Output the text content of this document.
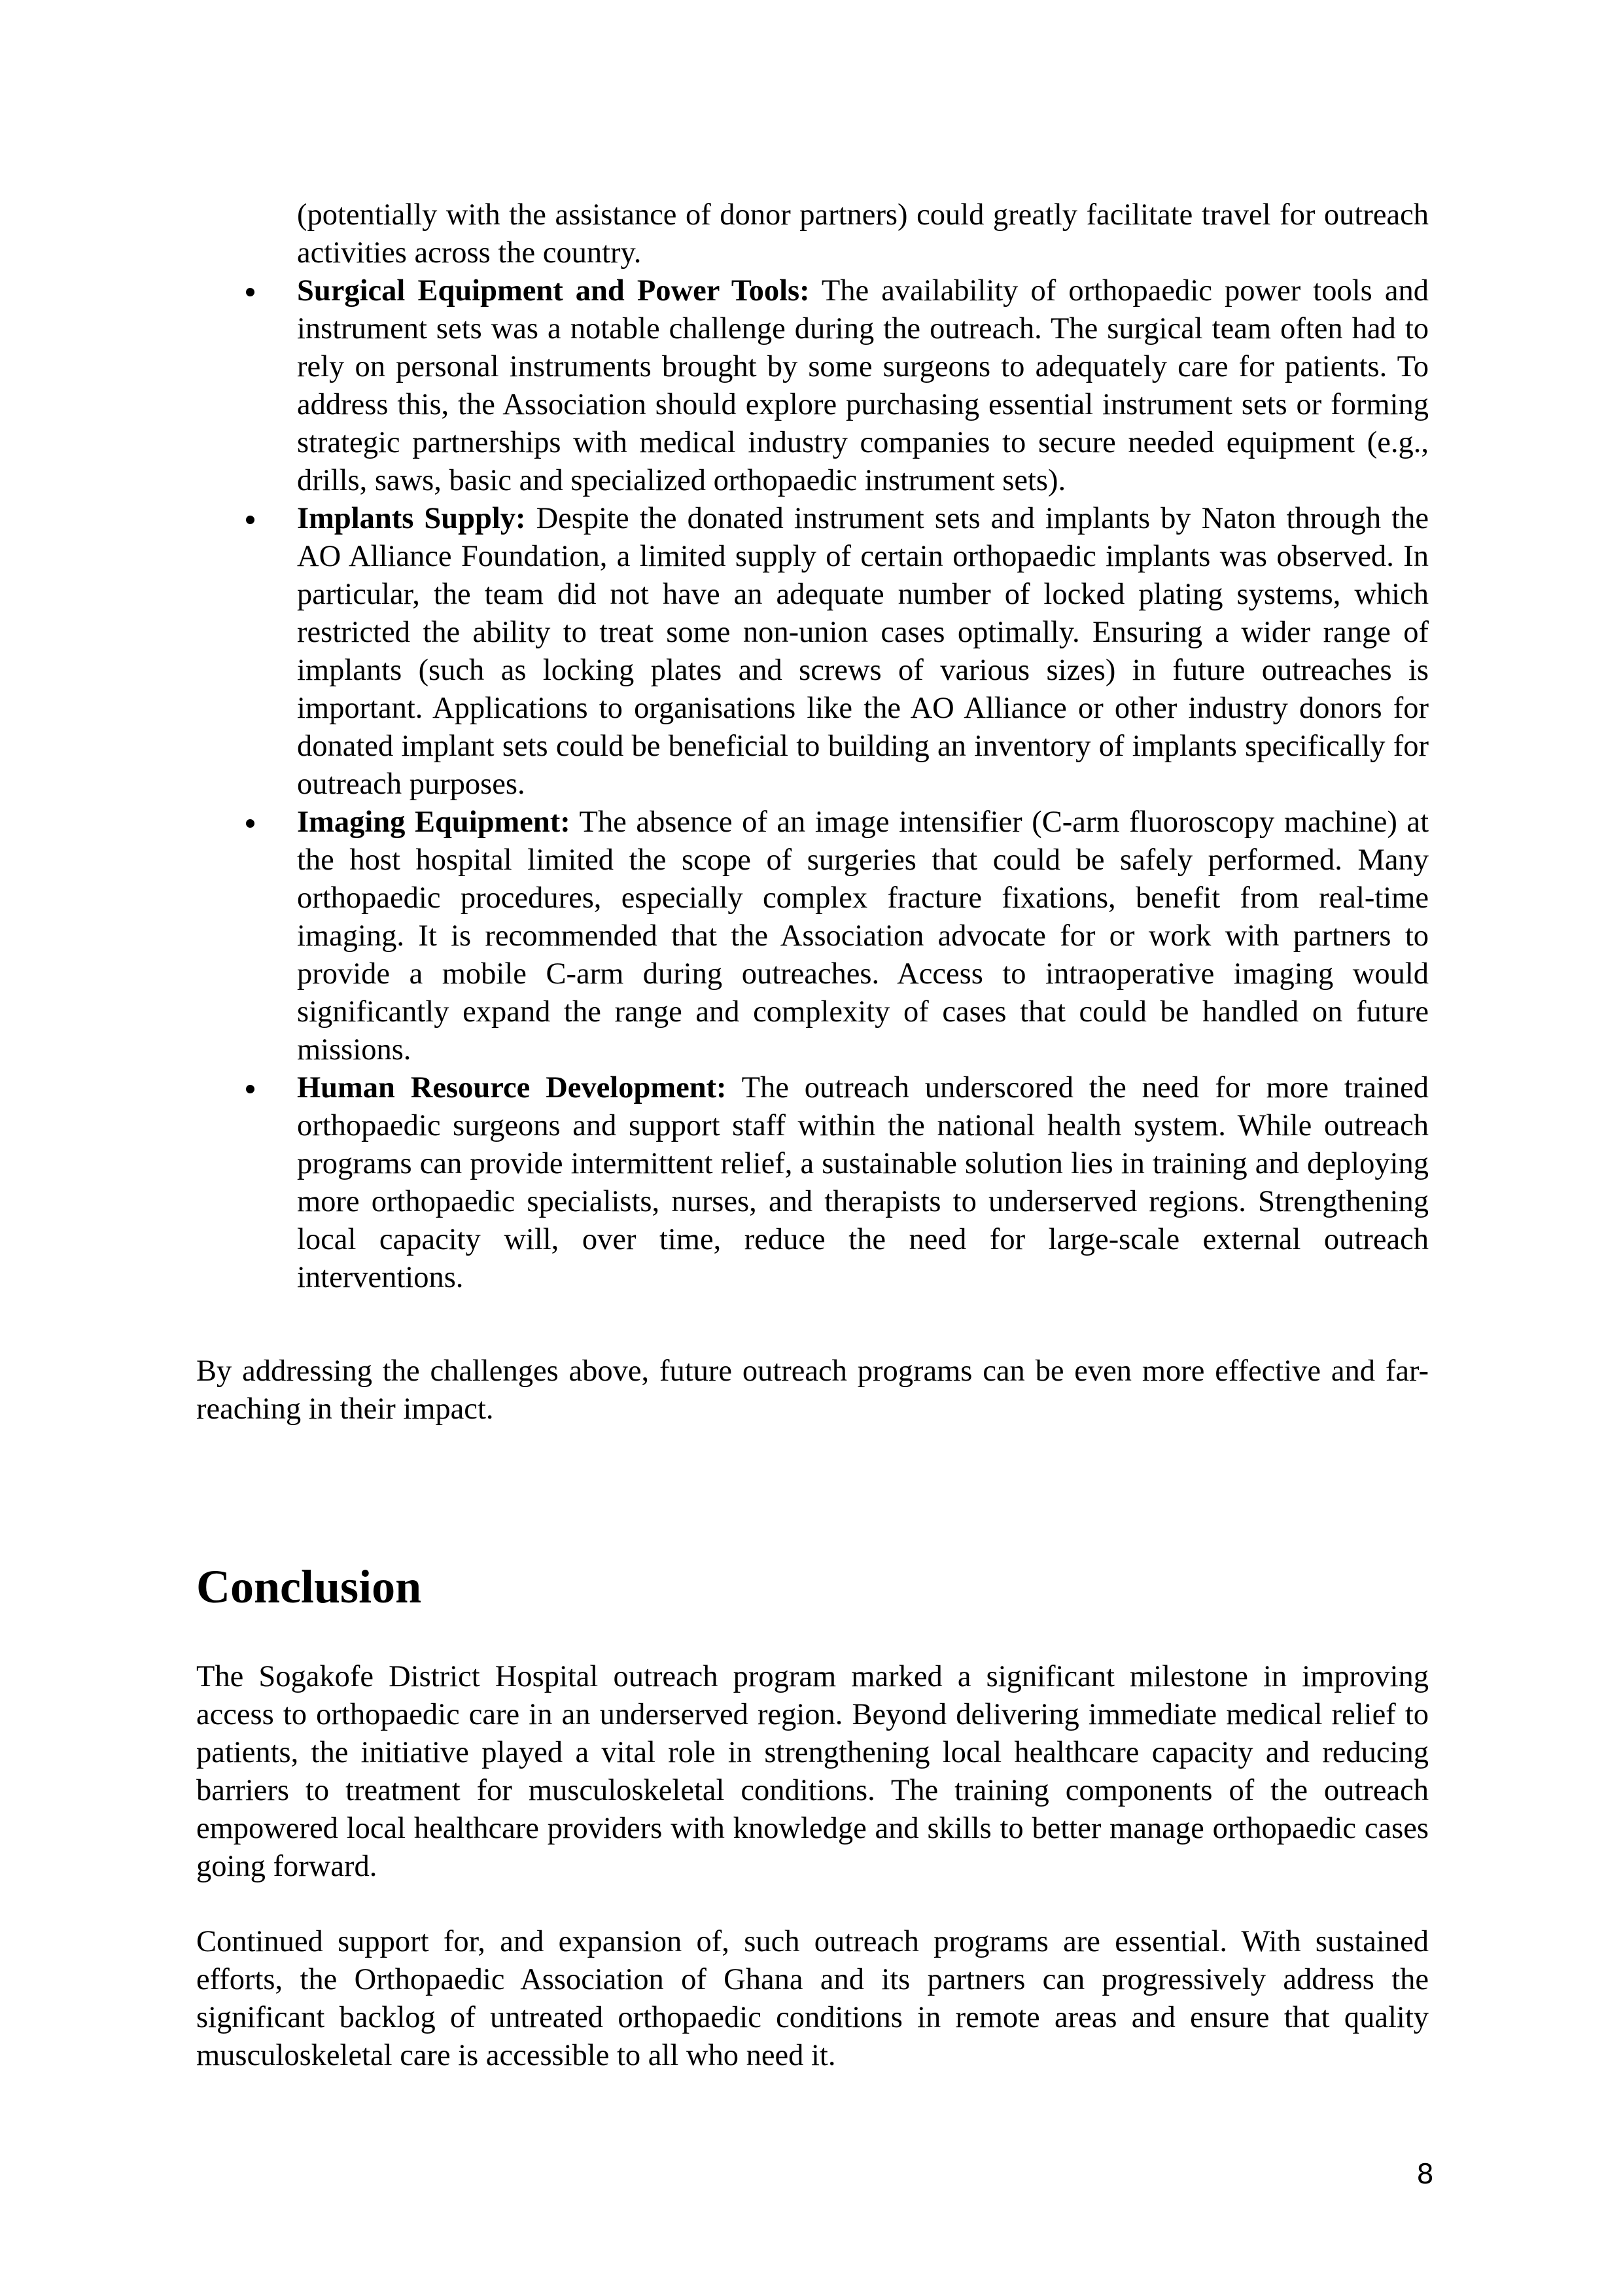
(potentially with the assistance of donor partners) could greatly facilitate travel for outreach activities across the country.

Surgical Equipment and Power Tools: The availability of orthopaedic power tools and instrument sets was a notable challenge during the outreach. The surgical team often had to rely on personal instruments brought by some surgeons to adequately care for patients. To address this, the Association should explore purchasing essential instrument sets or forming strategic partnerships with medical industry companies to secure needed equipment (e.g., drills, saws, basic and specialized orthopaedic instrument sets).
Implants Supply: Despite the donated instrument sets and implants by Naton through the AO Alliance Foundation, a limited supply of certain orthopaedic implants was observed. In particular, the team did not have an adequate number of locked plating systems, which restricted the ability to treat some non-union cases optimally. Ensuring a wider range of implants (such as locking plates and screws of various sizes) in future outreaches is important. Applications to organisations like the AO Alliance or other industry donors for donated implant sets could be beneficial to building an inventory of implants specifically for outreach purposes.
Imaging Equipment: The absence of an image intensifier (C-arm fluoroscopy machine) at the host hospital limited the scope of surgeries that could be safely performed. Many orthopaedic procedures, especially complex fracture fixations, benefit from real-time imaging. It is recommended that the Association advocate for or work with partners to provide a mobile C-arm during outreaches. Access to intraoperative imaging would significantly expand the range and complexity of cases that could be handled on future missions.
Human Resource Development: The outreach underscored the need for more trained orthopaedic surgeons and support staff within the national health system. While outreach programs can provide intermittent relief, a sustainable solution lies in training and deploying more orthopaedic specialists, nurses, and therapists to underserved regions. Strengthening local capacity will, over time, reduce the need for large-scale external outreach interventions.

By addressing the challenges above, future outreach programs can be even more effective and far-reaching in their impact.

Conclusion

The Sogakofe District Hospital outreach program marked a significant milestone in improving access to orthopaedic care in an underserved region. Beyond delivering immediate medical relief to patients, the initiative played a vital role in strengthening local healthcare capacity and reducing barriers to treatment for musculoskeletal conditions. The training components of the outreach empowered local healthcare providers with knowledge and skills to better manage orthopaedic cases going forward.

Continued support for, and expansion of, such outreach programs are essential. With sustained efforts, the Orthopaedic Association of Ghana and its partners can progressively address the significant backlog of untreated orthopaedic conditions in remote areas and ensure that quality musculoskeletal care is accessible to all who need it.

8
